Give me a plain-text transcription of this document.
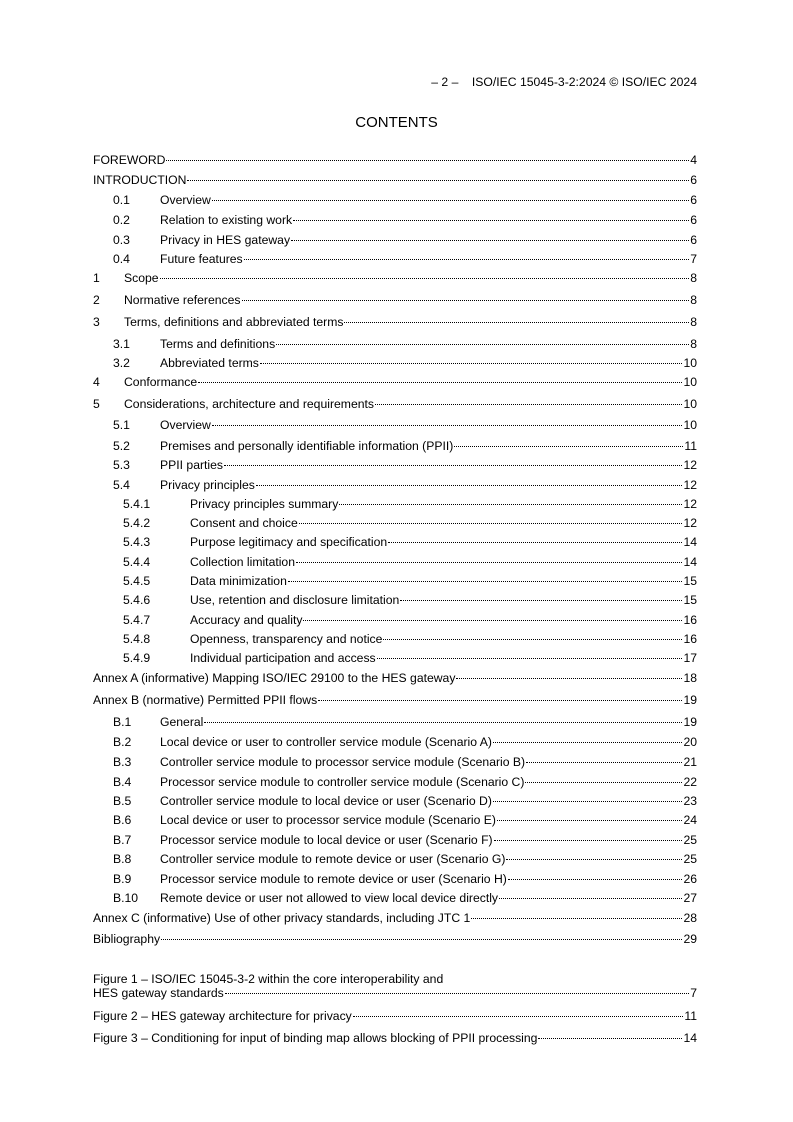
– 2 – ISO/IEC 15045-3-2:2024 © ISO/IEC 2024
CONTENTS
FOREWORD	4
INTRODUCTION	6
0.1 Overview	6
0.2 Relation to existing work	6
0.3 Privacy in HES gateway	6
0.4 Future features	7
1 Scope	8
2 Normative references	8
3 Terms, definitions and abbreviated terms	8
3.1 Terms and definitions	8
3.2 Abbreviated terms	10
4 Conformance	10
5 Considerations, architecture and requirements	10
5.1 Overview	10
5.2 Premises and personally identifiable information (PPII)	11
5.3 PPII parties	12
5.4 Privacy principles	12
5.4.1	Privacy principles summary	12
5.4.2	Consent and choice	12
5.4.3	Purpose legitimacy and specification	14
5.4.4	Collection limitation	14
5.4.5	Data minimization	15
5.4.6	Use, retention and disclosure limitation	15
5.4.7	Accuracy and quality	16
5.4.8	Openness, transparency and notice	16
5.4.9	Individual participation and access	17
Annex A (informative) Mapping ISO/IEC 29100 to the HES gateway	18
Annex B (normative) Permitted PPII flows	19
B.1 General	19
B.2 Local device or user to controller service module (Scenario A)	20
B.3 Controller service module to processor service module (Scenario B)	21
B.4 Processor service module to controller service module (Scenario C)	22
B.5 Controller service module to local device or user (Scenario D)	23
B.6 Local device or user to processor service module (Scenario E)	24
B.7 Processor service module to local device or user (Scenario F)	25
B.8 Controller service module to remote device or user (Scenario G)	25
B.9 Processor service module to remote device or user (Scenario H)	26
B.10 Remote device or user not allowed to view local device directly	27
Annex C (informative) Use of other privacy standards, including JTC 1	28
Bibliography	29
Figure 1 – ISO/IEC 15045-3-2 within the core interoperability and
HES gateway standards	7
Figure 2 – HES gateway architecture for privacy	11
Figure 3 – Conditioning for input of binding map allows blocking of PPII processing	14
